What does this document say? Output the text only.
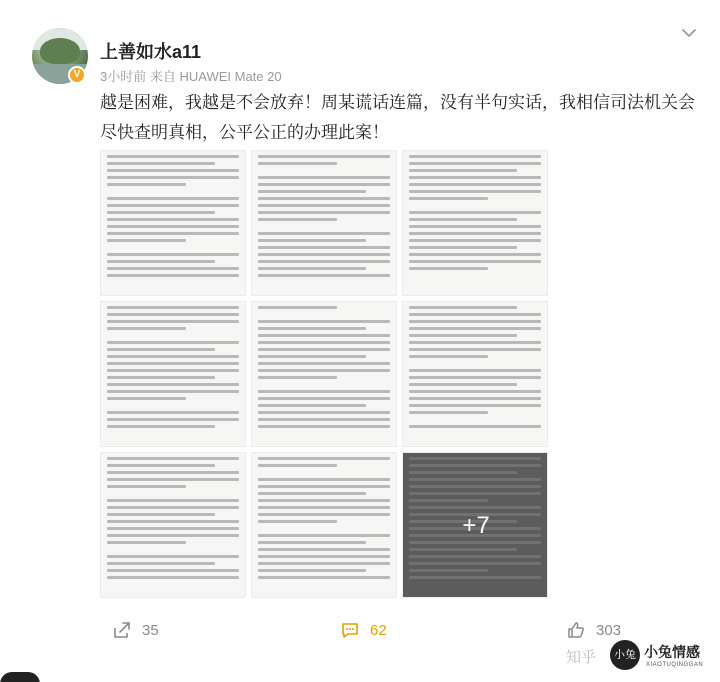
V
上善如水a11
3小时前 来自 HUAWEI Mate 20
越是困难，我越是不会放弃！周某谎话连篇，没有半句实话，我相信司法机关会尽快查明真相，公平公正的办理此案！
+7
35	62	303
知乎	小兔 小兔情感
XIAOTUQINGGAN
